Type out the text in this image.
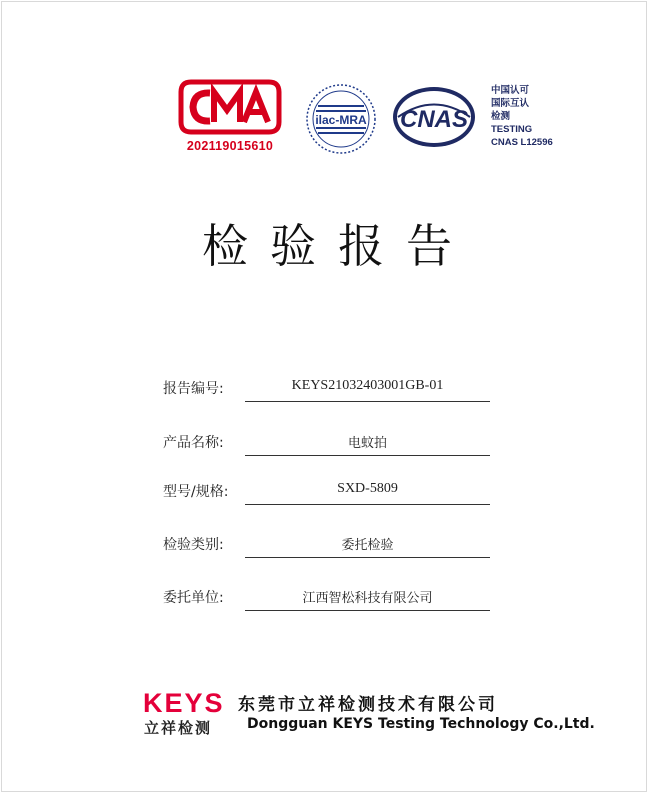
202119015610
ilac-MRA CNAS
中国认可
国际互认
检测
TESTING
CNAS L12596
检验报告
报告编号:	KEYS21032403001GB-01
产品名称:	电蚊拍
型号/规格:	SXD-5809
检验类别:	委托检验
委托单位:	江西智松科技有限公司
KEYS
立祥检测
东莞市立祥检测技术有限公司
Dongguan KEYS Testing Technology Co.,Ltd.
